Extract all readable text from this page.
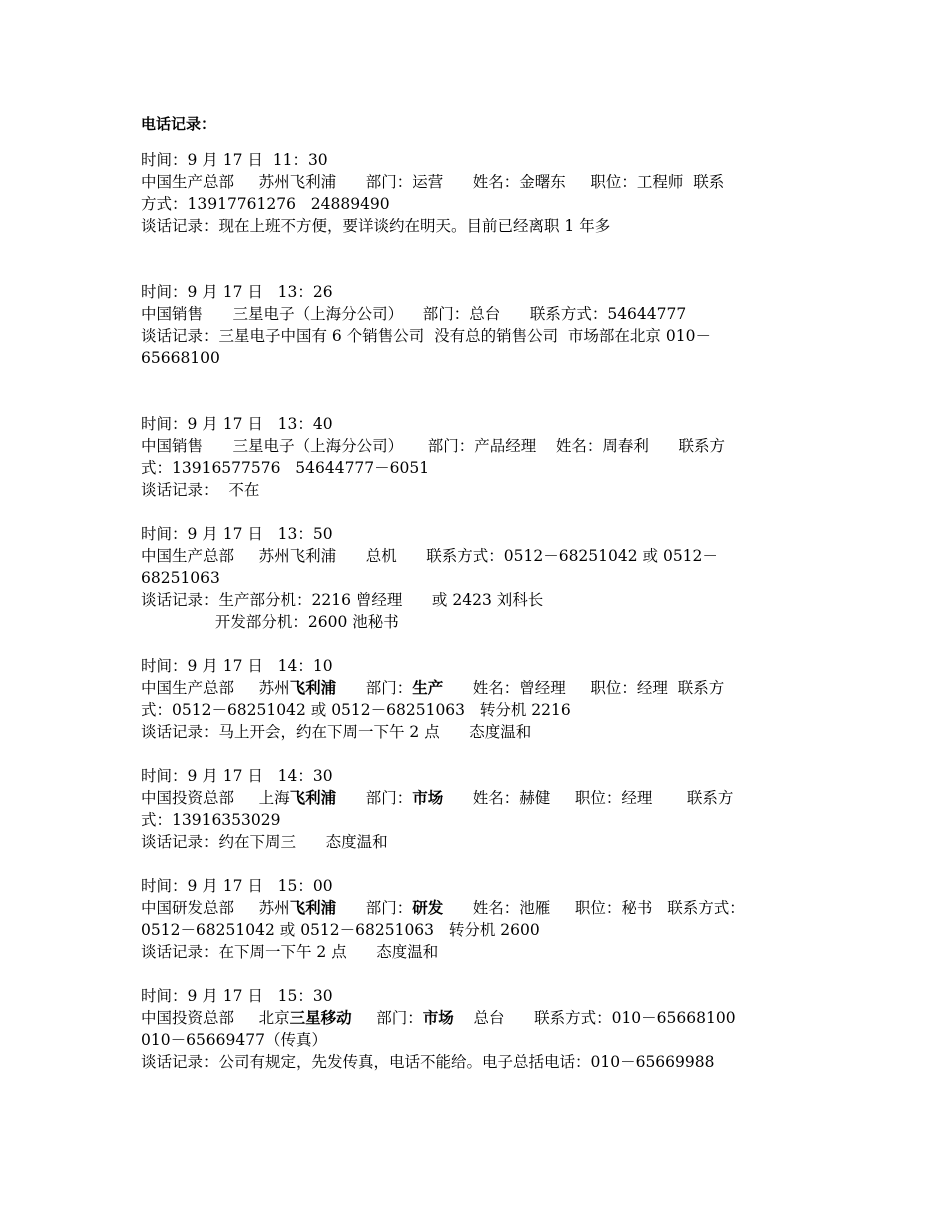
电话记录：
时间：9 月 17 日  11：30
中国生产总部     苏州飞利浦      部门：运营      姓名：金曙东     职位：工程师  联系
方式：13917761276   24889490
谈话记录：现在上班不方便，要详谈约在明天。目前已经离职 1 年多
时间：9 月 17 日   13：26
中国销售      三星电子（上海分公司）    部门：总台      联系方式：54644777
谈话记录：三星电子中国有 6 个销售公司  没有总的销售公司  市场部在北京 010－
65668100
时间：9 月 17 日   13：40
中国销售      三星电子（上海分公司）     部门：产品经理    姓名：周春利      联系方
式：13916577576   54644777－6051
谈话记录：  不在
时间：9 月 17 日   13：50
中国生产总部     苏州飞利浦      总机      联系方式：0512－68251042 或 0512－
68251063
谈话记录：生产部分机：2216 曾经理      或 2423 刘科长
开发部分机：2600 池秘书
时间：9 月 17 日   14：10
中国生产总部     苏州飞利浦      部门：生产      姓名：曾经理     职位：经理  联系方
式：0512－68251042 或 0512－68251063   转分机 2216
谈话记录：马上开会，约在下周一下午 2 点      态度温和
时间：9 月 17 日   14：30
中国投资总部     上海飞利浦      部门：市场      姓名：赫健     职位：经理       联系方
式：13916353029
谈话记录：约在下周三      态度温和
时间：9 月 17 日   15：00
中国研发总部     苏州飞利浦      部门：研发      姓名：池雁     职位：秘书   联系方式：
0512－68251042 或 0512－68251063   转分机 2600
谈话记录：在下周一下午 2 点      态度温和
时间：9 月 17 日   15：30
中国投资总部     北京三星移动     部门：市场    总台      联系方式：010－65668100
010－65669477（传真）
谈话记录：公司有规定，先发传真，电话不能给。电子总括电话：010－65669988
